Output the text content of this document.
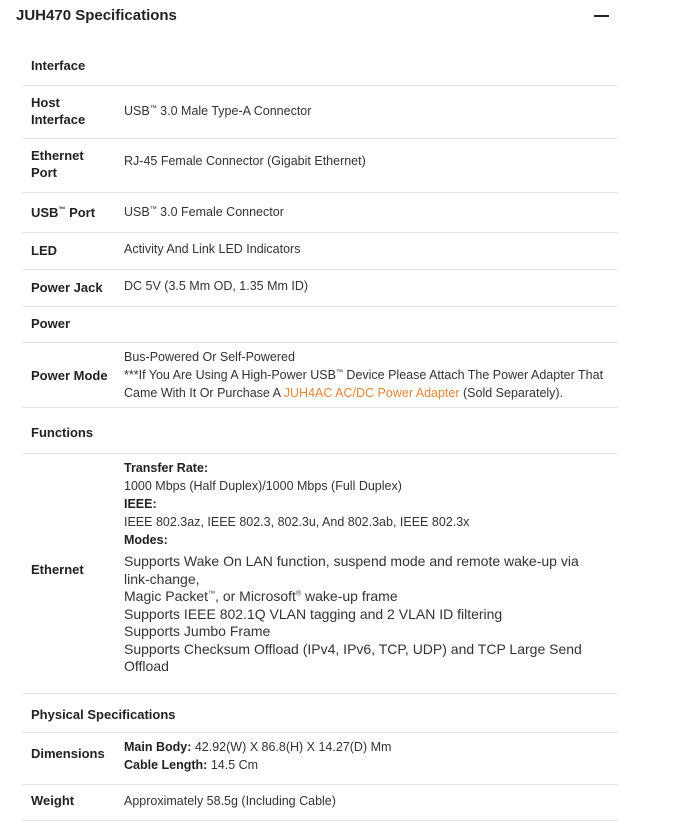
JUH470 Specifications
Interface
Host Interface
USB™ 3.0 Male Type-A Connector
Ethernet Port
RJ-45 Female Connector (Gigabit Ethernet)
USB™ Port USB™ 3.0 Female Connector
LED	Activity And Link LED Indicators
Power Jack DC 5V (3.5 Mm OD, 1.35 Mm ID)
Power
Power Mode
Bus-Powered Or Self-Powered
***If You Are Using A High-Power USB™ Device Please Attach The Power Adapter That Came With It Or Purchase A JUH4AC AC/DC Power Adapter (Sold Separately).
Functions
Ethernet
Transfer Rate:
1000 Mbps (Half Duplex)/1000 Mbps (Full Duplex)
IEEE:
IEEE 802.3az, IEEE 802.3, 802.3u, And 802.3ab, IEEE 802.3x
Modes:
Supports Wake On LAN function, suspend mode and remote wake-up via link-change,
Magic Packet™, or Microsoft® wake-up frame
Supports IEEE 802.1Q VLAN tagging and 2 VLAN ID filtering
Supports Jumbo Frame
Supports Checksum Offload (IPv4, IPv6, TCP, UDP) and TCP Large Send Offload
Physical Specifications
Dimensions Main Body: 42.92(W) X 86.8(H) X 14.27(D) Mm
Cable Length: 14.5 Cm
Weight	Approximately 58.5g (Including Cable)
